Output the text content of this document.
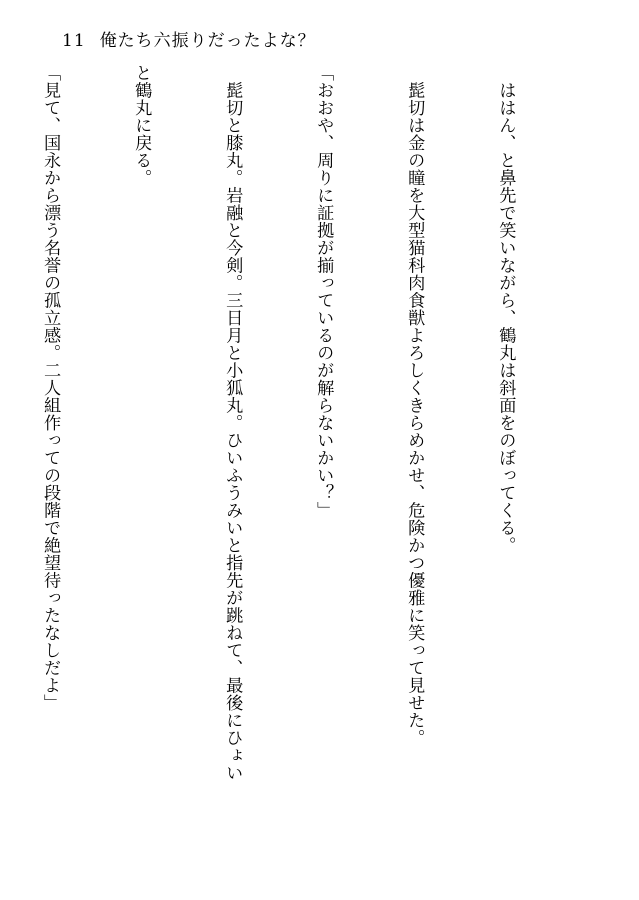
11 俺たち六振りだったよな？

　ははん、と鼻先で笑いながら、鶴丸は斜面をのぼってくる。

　髭切は金の瞳を大型猫科肉食獣よろしくきらめかせ、危険かつ優雅に笑って見せた。

「おおや、周りに証拠が揃っているのが解らないかい？」

　髭切と膝丸。岩融と今剣。三日月と小狐丸。ひいふうみいと指先が跳ねて、最後にひょい

と鶴丸に戻る。

「見て、国永から漂う名誉の孤立感。二人組作っての段階で絶望待ったなしだよ」
